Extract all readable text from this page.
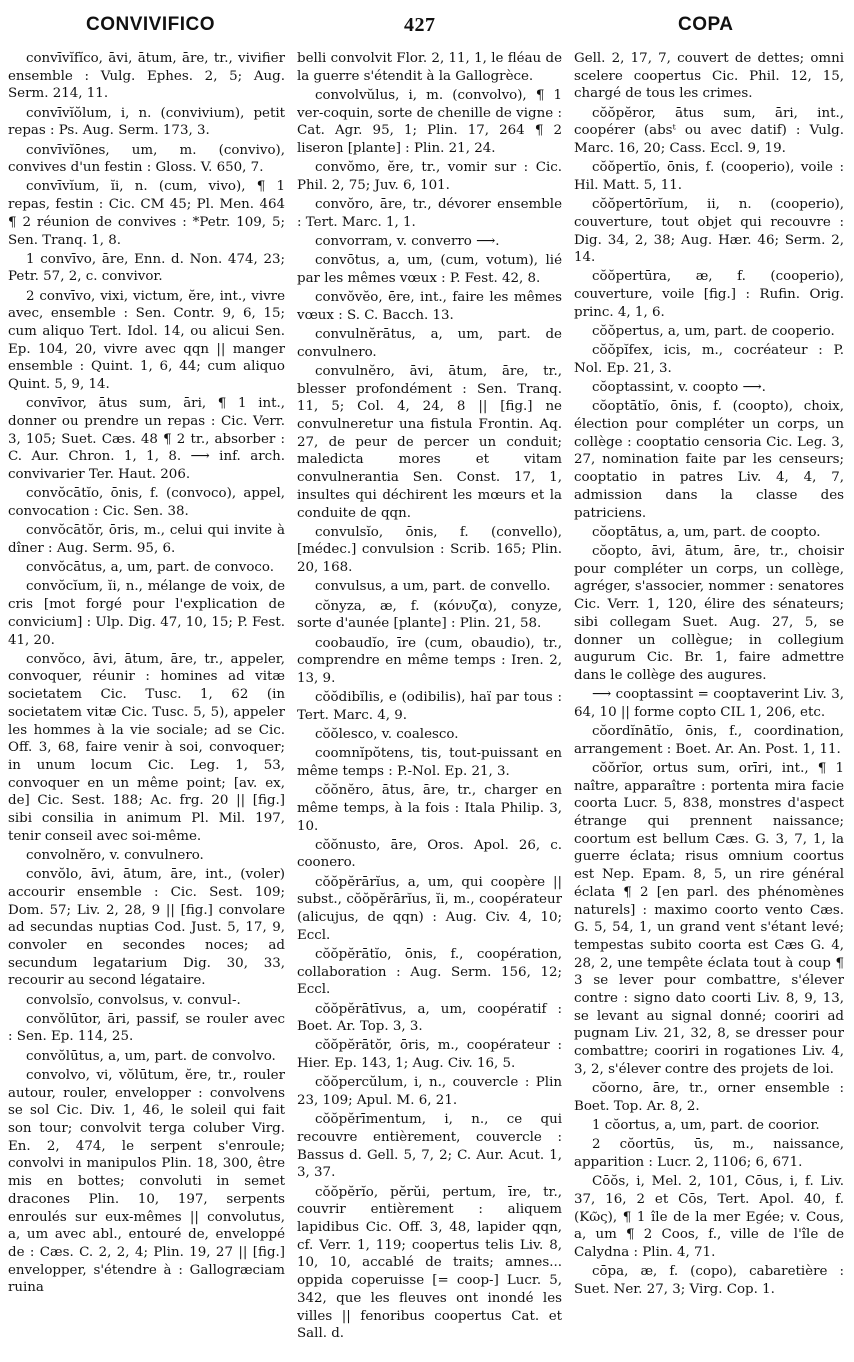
CONVIVIFICO	427	COPA

convīvĭfĭco, āvi, ātum, āre, tr., vivifier ensemble : Vulg. Ephes. 2, 5; Aug. Serm. 214, 11.

convīvĭŏlum, i, n. (convivium), petit repas : Ps. Aug. Serm. 173, 3.

convīvĭōnes, um, m. (convivo), convives d'un festin : Gloss. V. 650, 7.

convīvĭum, ĭi, n. (cum, vivo), ¶ 1 repas, festin : Cic. CM 45; Pl. Men. 464 ¶ 2 réunion de convives : *Petr. 109, 5; Sen. Tranq. 1, 8.

1 convīvo, āre, Enn. d. Non. 474, 23; Petr. 57, 2, c. convivor.

2 convīvo, vixi, victum, ĕre, int., vivre avec, ensemble : Sen. Contr. 9, 6, 15; cum aliquo Tert. Idol. 14, ou alicui Sen. Ep. 104, 20, vivre avec qqn || manger ensemble : Quint. 1, 6, 44; cum aliquo Quint. 5, 9, 14.

convīvor, ātus sum, āri, ¶ 1 int., donner ou prendre un repas : Cic. Verr. 3, 105; Suet. Cæs. 48 ¶ 2 tr., absorber : C. Aur. Chron. 1, 1, 8. ⟶ inf. arch. convivarier Ter. Haut. 206.

convŏcātĭo, ōnis, f. (convoco), appel, convocation : Cic. Sen. 38.

convŏcātŏr, ōris, m., celui qui invite à dîner : Aug. Serm. 95, 6.

convŏcātus, a, um, part. de convoco.

convŏcĭum, ĭi, n., mélange de voix, de cris [mot forgé pour l'explication de convicium] : Ulp. Dig. 47, 10, 15; P. Fest. 41, 20.

convŏco, āvi, ātum, āre, tr., appeler, convoquer, réunir : homines ad vitæ societatem Cic. Tusc. 1, 62 (in societatem vitæ Cic. Tusc. 5, 5), appeler les hommes à la vie sociale; ad se Cic. Off. 3, 68, faire venir à soi, convoquer; in unum locum Cic. Leg. 1, 53, convoquer en un même point; [av. ex, de] Cic. Sest. 188; Ac. frg. 20 || [fig.] sibi consilia in animum Pl. Mil. 197, tenir conseil avec soi-même.

convolnĕro, v. convulnero.

convŏlo, āvi, ātum, āre, int., (voler) accourir ensemble : Cic. Sest. 109; Dom. 57; Liv. 2, 28, 9 || [fig.] convolare ad secundas nuptias Cod. Just. 5, 17, 9, convoler en secondes noces; ad secundum legatarium Dig. 30, 33, recourir au second légataire.

convolsĭo, convolsus, v. convul-.

convŏlūtor, āri, passif, se rouler avec : Sen. Ep. 114, 25.

convŏlūtus, a, um, part. de convolvo.

convolvo, vi, vŏlūtum, ĕre, tr., rouler autour, rouler, envelopper : convolvens se sol Cic. Div. 1, 46, le soleil qui fait son tour; convolvit terga coluber Virg. En. 2, 474, le serpent s'enroule; convolvi in manipulos Plin. 18, 300, être mis en bottes; convoluti in semet dracones Plin. 10, 197, serpents enroulés sur eux-mêmes || convolutus, a, um avec abl., entouré de, enveloppé de : Cæs. C. 2, 2, 4; Plin. 19, 27 || [fig.] envelopper, s'étendre à : Gallogræciam ruina

belli convolvit Flor. 2, 11, 1, le fléau de la guerre s'étendit à la Gallogrèce.

convolvŭlus, i, m. (convolvo), ¶ 1 ver-coquin, sorte de chenille de vigne : Cat. Agr. 95, 1; Plin. 17, 264 ¶ 2 liseron [plante] : Plin. 21, 24.

convŏmo, ĕre, tr., vomir sur : Cic. Phil. 2, 75; Juv. 6, 101.

convŏro, āre, tr., dévorer ensemble : Tert. Marc. 1, 1.

convorram, v. converro ⟶.

convōtus, a, um, (cum, votum), lié par les mêmes vœux : P. Fest. 42, 8.

convŏvĕo, ēre, int., faire les mêmes vœux : S. C. Bacch. 13.

convulnĕrātus, a, um, part. de convulnero.

convulnĕro, āvi, ātum, āre, tr., blesser profondément : Sen. Tranq. 11, 5; Col. 4, 24, 8 || [fig.] ne convulneretur una fistula Frontin. Aq. 27, de peur de percer un conduit; maledicta mores et vitam convulnerantia Sen. Const. 17, 1, insultes qui déchirent les mœurs et la conduite de qqn.

convulsĭo, ōnis, f. (convello), [médec.] convulsion : Scrib. 165; Plin. 20, 168.

convulsus, a um, part. de convello.

cŏnyza, æ, f. (κόνυζα), conyze, sorte d'aunée [plante] : Plin. 21, 58.

coobaudĭo, īre (cum, obaudio), tr., comprendre en même temps : Iren. 2, 13, 9.

cŏŏdibĭlis, e (odibilis), haï par tous : Tert. Marc. 4, 9.

cŏŏlesco, v. coalesco.

coomnĭpŏtens, tis, tout-puissant en même temps : P.-Nol. Ep. 21, 3.

cŏŏnĕro, ātus, āre, tr., charger en même temps, à la fois : Itala Philip. 3, 10.

cŏŏnusto, āre, Oros. Apol. 26, c. coonero.

cŏŏpĕrārĭus, a, um, qui coopère || subst., cŏŏpĕrārĭus, ĭi, m., coopérateur (alicujus, de qqn) : Aug. Civ. 4, 10; Eccl.

cŏŏpĕrātĭo, ōnis, f., coopération, collaboration : Aug. Serm. 156, 12; Eccl.

cŏŏpĕrātīvus, a, um, coopératif : Boet. Ar. Top. 3, 3.

cŏŏpĕrātŏr, ōris, m., coopérateur : Hier. Ep. 143, 1; Aug. Civ. 16, 5.

cŏŏpercŭlum, i, n., couvercle : Plin 23, 109; Apul. M. 6, 21.

cŏŏpĕrīmentum, i, n., ce qui recouvre entièrement, couvercle : Bassus d. Gell. 5, 7, 2; C. Aur. Acut. 1, 3, 37.

cŏŏpĕrĭo, pĕrŭi, pertum, īre, tr., couvrir entièrement : aliquem lapidibus Cic. Off. 3, 48, lapider qqn, cf. Verr. 1, 119; coopertus telis Liv. 8, 10, 10, accablé de traits; amnes... oppida coperuisse [= coop-] Lucr. 5, 342, que les fleuves ont inondé les villes || fenoribus coopertus Cat. et Sall. d.

Gell. 2, 17, 7, couvert de dettes; omni scelere coopertus Cic. Phil. 12, 15, chargé de tous les crimes.

cŏŏpĕror, ātus sum, āri, int., coopérer (absᵗ ou avec datif) : Vulg. Marc. 16, 20; Cass. Eccl. 9, 19.

cŏŏpertĭo, ōnis, f. (cooperio), voile : Hil. Matt. 5, 11.

cŏŏpertōrĭum, ii, n. (cooperio), couverture, tout objet qui recouvre : Dig. 34, 2, 38; Aug. Hær. 46; Serm. 2, 14.

cŏŏpertūra, æ, f. (cooperio), couverture, voile [fig.] : Rufin. Orig. princ. 4, 1, 6.

cŏŏpertus, a, um, part. de cooperio.

cŏŏpĭfex, icis, m., cocréateur : P. Nol. Ep. 21, 3.

cŏoptassint, v. coopto ⟶.

cŏoptātĭo, ōnis, f. (coopto), choix, élection pour compléter un corps, un collège : cooptatio censoria Cic. Leg. 3, 27, nomination faite par les censeurs; cooptatio in patres Liv. 4, 4, 7, admission dans la classe des patriciens.

cŏoptātus, a, um, part. de coopto.

cŏopto, āvi, ātum, āre, tr., choisir pour compléter un corps, un collège, agréger, s'associer, nommer : senatores Cic. Verr. 1, 120, élire des sénateurs; sibi collegam Suet. Aug. 27, 5, se donner un collègue; in collegium augurum Cic. Br. 1, faire admettre dans le collège des augures.

⟶ cooptassint = cooptaverint Liv. 3, 64, 10 || forme copto CIL 1, 206, etc.

cŏordĭnātĭo, ōnis, f., coordination, arrangement : Boet. Ar. An. Post. 1, 11.

cŏŏrĭor, ortus sum, orīri, int., ¶ 1 naître, apparaître : portenta mira facie coorta Lucr. 5, 838, monstres d'aspect étrange qui prennent naissance; coortum est bellum Cæs. G. 3, 7, 1, la guerre éclata; risus omnium coortus est Nep. Epam. 8, 5, un rire général éclata ¶ 2 [en parl. des phénomènes naturels] : maximo coorto vento Cæs. G. 5, 54, 1, un grand vent s'étant levé; tempestas subito coorta est Cæs G. 4, 28, 2, une tempête éclata tout à coup ¶ 3 se lever pour combattre, s'élever contre : signo dato coorti Liv. 8, 9, 13, se levant au signal donné; cooriri ad pugnam Liv. 21, 32, 8, se dresser pour combattre; cooriri in rogationes Liv. 4, 3, 2, s'élever contre des projets de loi.

cŏorno, āre, tr., orner ensemble : Boet. Top. Ar. 8, 2.

1 cŏortus, a, um, part. de coorior.

2 cŏortūs, ūs, m., naissance, apparition : Lucr. 2, 1106; 6, 671.

Cōŏs, i, Mel. 2, 101, Cōus, i, f. Liv. 37, 16, 2 et Cōs, Tert. Apol. 40, f. (Κῶς), ¶ 1 île de la mer Egée; v. Cous, a, um ¶ 2 Coos, f., ville de l'île de Calydna : Plin. 4, 71.

cōpa, æ, f. (copo), cabaretière : Suet. Ner. 27, 3; Virg. Cop. 1.
